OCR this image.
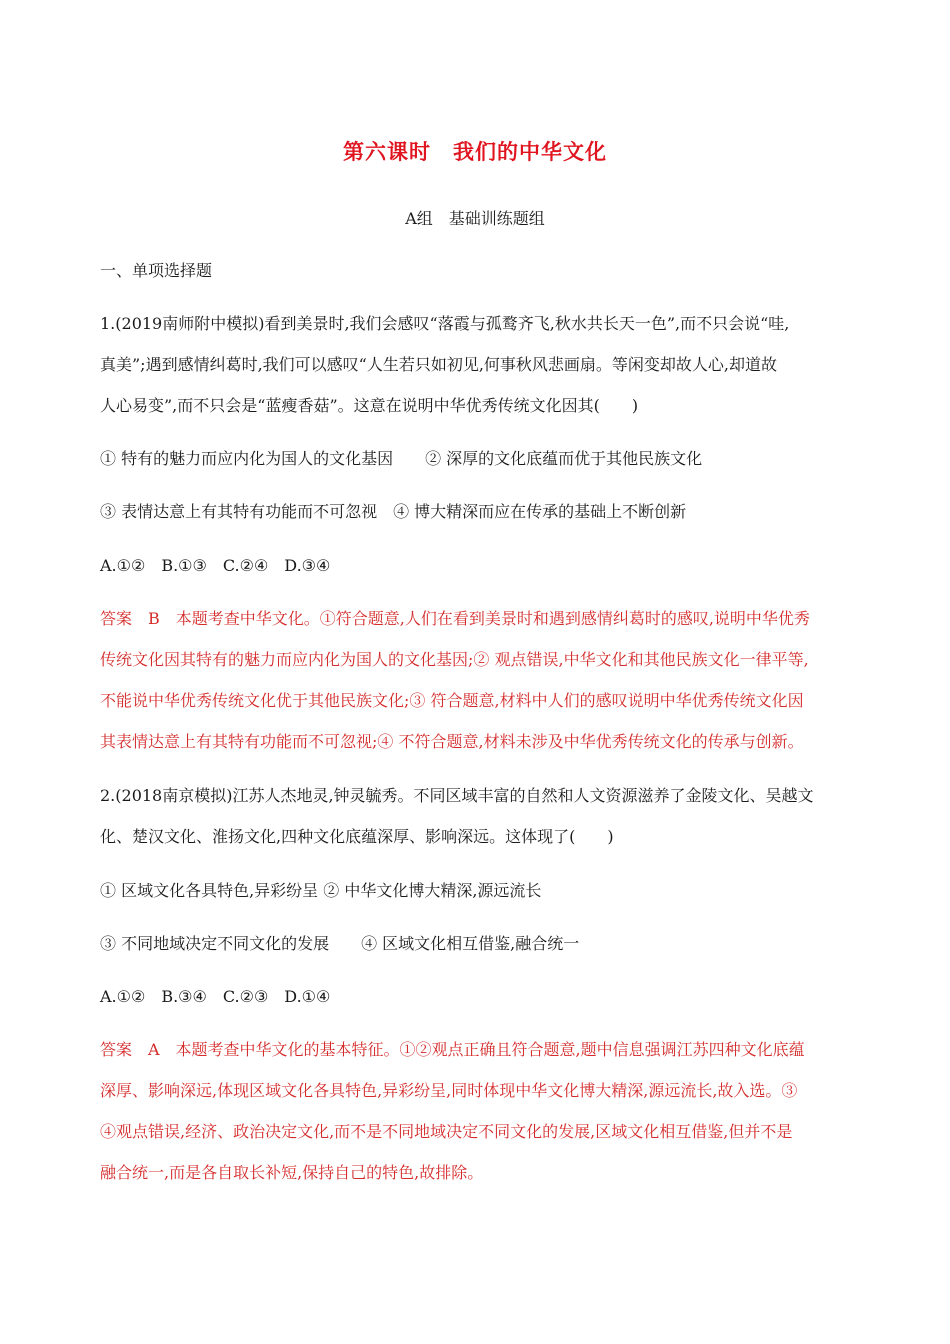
第六课时　我们的中华文化
A组　基础训练题组
一、单项选择题
1.(2019南师附中模拟)看到美景时,我们会感叹“落霞与孤鹜齐飞,秋水共长天一色”,而不只会说“哇,
真美”;遇到感情纠葛时,我们可以感叹“人生若只如初见,何事秋风悲画扇。等闲变却故人心,却道故
人心易变”,而不只会是“蓝瘦香菇”。这意在说明中华优秀传统文化因其(　　)
① 特有的魅力而应内化为国人的文化基因　　② 深厚的文化底蕴而优于其他民族文化
③ 表情达意上有其特有功能而不可忽视　④ 博大精深而应在传承的基础上不断创新
A.①②　B.①③　C.②④　D.③④
答案　B　本题考查中华文化。①符合题意,人们在看到美景时和遇到感情纠葛时的感叹,说明中华优秀
传统文化因其特有的魅力而应内化为国人的文化基因;② 观点错误,中华文化和其他民族文化一律平等,
不能说中华优秀传统文化优于其他民族文化;③ 符合题意,材料中人们的感叹说明中华优秀传统文化因
其表情达意上有其特有功能而不可忽视;④ 不符合题意,材料未涉及中华优秀传统文化的传承与创新。
2.(2018南京模拟)江苏人杰地灵,钟灵毓秀。不同区域丰富的自然和人文资源滋养了金陵文化、吴越文
化、楚汉文化、淮扬文化,四种文化底蕴深厚、影响深远。这体现了(　　)
① 区域文化各具特色,异彩纷呈 ② 中华文化博大精深,源远流长
③ 不同地域决定不同文化的发展　　④ 区域文化相互借鉴,融合统一
A.①②　B.③④　C.②③　D.①④
答案　A　本题考查中华文化的基本特征。①②观点正确且符合题意,题中信息强调江苏四种文化底蕴
深厚、影响深远,体现区域文化各具特色,异彩纷呈,同时体现中华文化博大精深,源远流长,故入选。③
④观点错误,经济、政治决定文化,而不是不同地域决定不同文化的发展,区域文化相互借鉴,但并不是
融合统一,而是各自取长补短,保持自己的特色,故排除。
